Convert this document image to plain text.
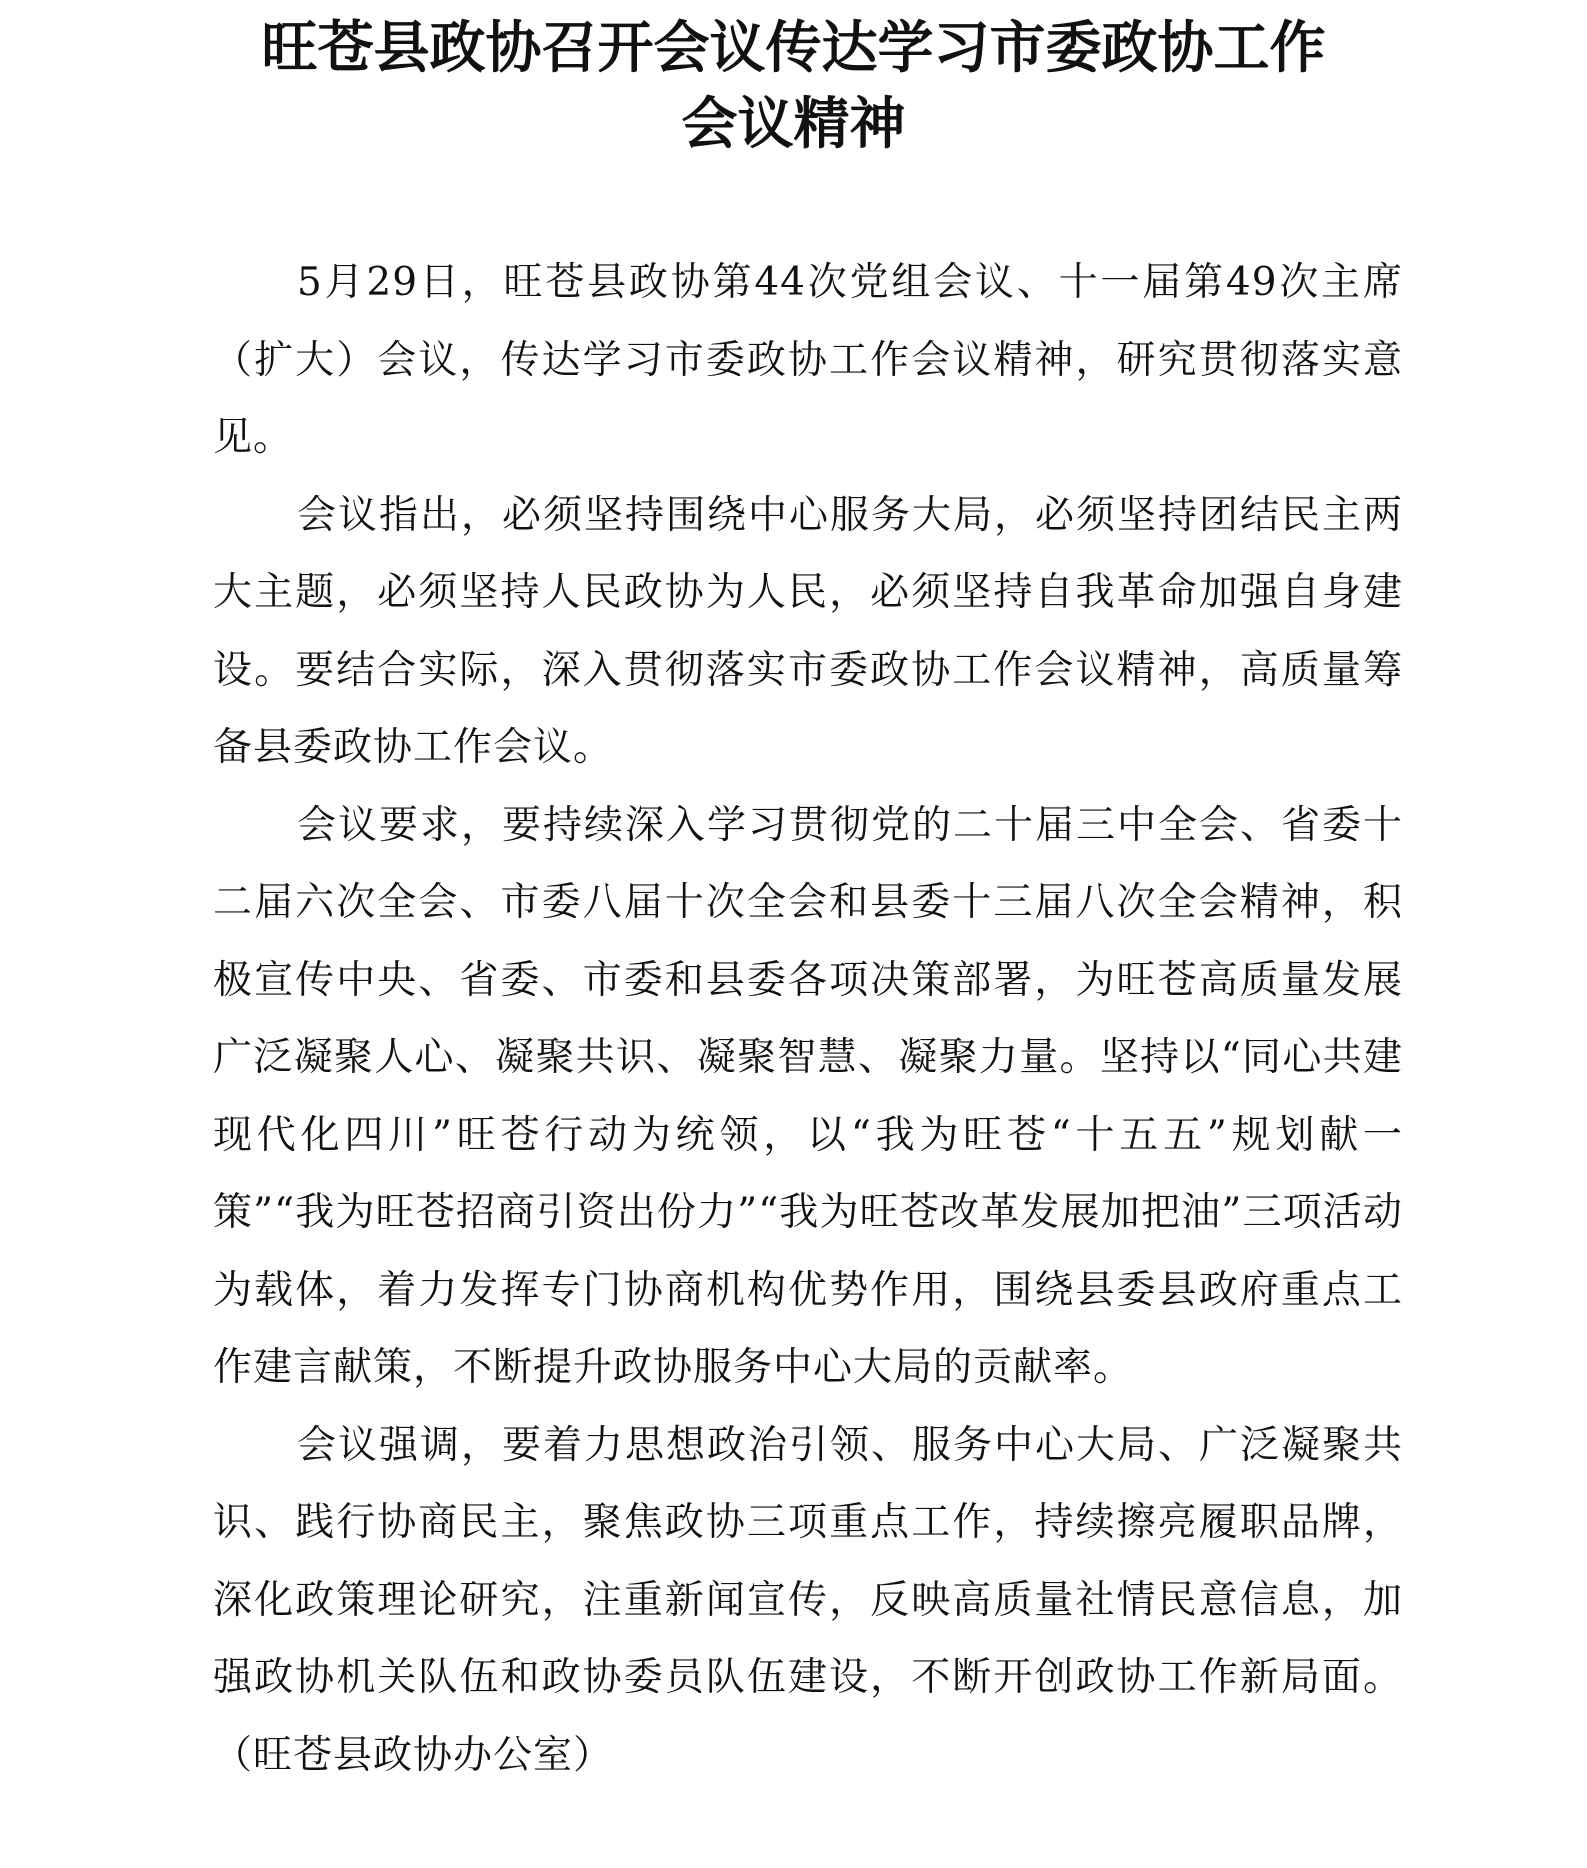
旺苍县政协召开会议传达学习市委政协工作
会议精神

5月29日，旺苍县政协第44次党组会议、十一届第49次主席（扩大）会议，传达学习市委政协工作会议精神，研究贯彻落实意见。

会议指出，必须坚持围绕中心服务大局，必须坚持团结民主两大主题，必须坚持人民政协为人民，必须坚持自我革命加强自身建设。要结合实际，深入贯彻落实市委政协工作会议精神，高质量筹备县委政协工作会议。

会议要求，要持续深入学习贯彻党的二十届三中全会、省委十二届六次全会、市委八届十次全会和县委十三届八次全会精神，积极宣传中央、省委、市委和县委各项决策部署，为旺苍高质量发展广泛凝聚人心、凝聚共识、凝聚智慧、凝聚力量。坚持以“同心共建现代化四川”旺苍行动为统领，以“我为旺苍“十五五”规划献一策”“我为旺苍招商引资出份力”“我为旺苍改革发展加把油”三项活动为载体，着力发挥专门协商机构优势作用，围绕县委县政府重点工作建言献策，不断提升政协服务中心大局的贡献率。

会议强调，要着力思想政治引领、服务中心大局、广泛凝聚共识、践行协商民主，聚焦政协三项重点工作，持续擦亮履职品牌，深化政策理论研究，注重新闻宣传，反映高质量社情民意信息，加强政协机关队伍和政协委员队伍建设，不断开创政协工作新局面。（旺苍县政协办公室）
